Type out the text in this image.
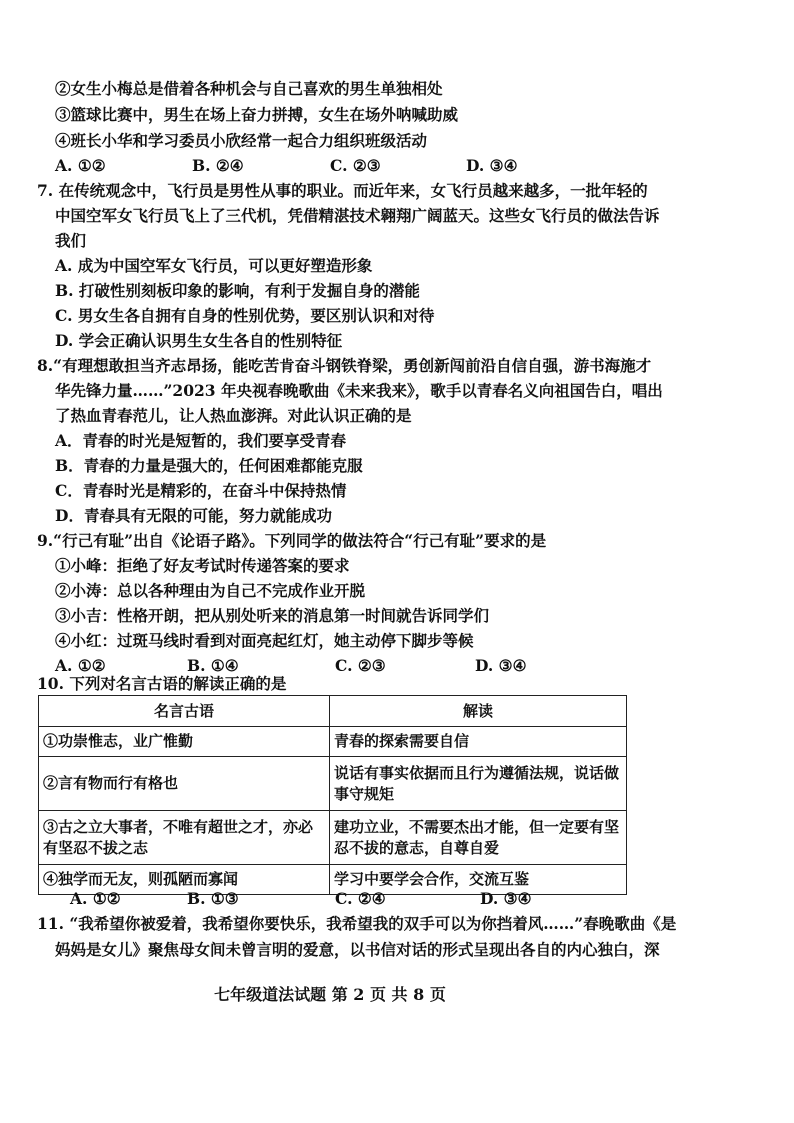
②女生小梅总是借着各种机会与自己喜欢的男生单独相处
③篮球比赛中，男生在场上奋力拼搏，女生在场外呐喊助威
④班长小华和学习委员小欣经常一起合力组织班级活动
A. ①②	B. ②④	C. ②③	D. ③④
7. 在传统观念中，飞行员是男性从事的职业。而近年来，女飞行员越来越多，一批年轻的
中国空军女飞行员飞上了三代机，凭借精湛技术翱翔广阔蓝天。这些女飞行员的做法告诉
我们
A. 成为中国空军女飞行员，可以更好塑造形象
B. 打破性别刻板印象的影响，有利于发掘自身的潜能
C. 男女生各自拥有自身的性别优势，要区别认识和对待
D. 学会正确认识男生女生各自的性别特征
8.“有理想敢担当齐志昂扬，能吃苦肯奋斗钢铁脊梁，勇创新闯前沿自信自强，游书海施才
华先锋力量……”2023 年央视春晚歌曲《未来我来》，歌手以青春名义向祖国告白，唱出
了热血青春范儿，让人热血澎湃。对此认识正确的是
A．青春的时光是短暂的，我们要享受青春
B．青春的力量是强大的，任何困难都能克服
C．青春时光是精彩的，在奋斗中保持热情
D．青春具有无限的可能，努力就能成功
9.“行己有耻”出自《论语子路》。下列同学的做法符合“行己有耻”要求的是
①小峰：拒绝了好友考试时传递答案的要求
②小涛：总以各种理由为自己不完成作业开脱
③小吉：性格开朗，把从别处听来的消息第一时间就告诉同学们
④小红：过斑马线时看到对面亮起红灯，她主动停下脚步等候
A. ①②	B. ①④	C. ②③	D. ③④
10. 下列对名言古语的解读正确的是
名言古语	解读
①功崇惟志，业广惟勤	青春的探索需要自信
②言有物而行有格也	说话有事实依据而且行为遵循法规，说话做事守规矩
③古之立大事者，不唯有超世之才，亦必有坚忍不拔之志	建功立业，不需要杰出才能，但一定要有坚忍不拔的意志，自尊自爱
④独学而无友，则孤陋而寡闻	学习中要学会合作，交流互鉴
A. ①②	B. ①③	C. ②④	D. ③④
11. “我希望你被爱着，我希望你要快乐，我希望我的双手可以为你挡着风……”春晚歌曲《是
妈妈是女儿》聚焦母女间未曾言明的爱意，以书信对话的形式呈现出各自的内心独白，深
七年级道法试题 第 2 页 共 8 页
